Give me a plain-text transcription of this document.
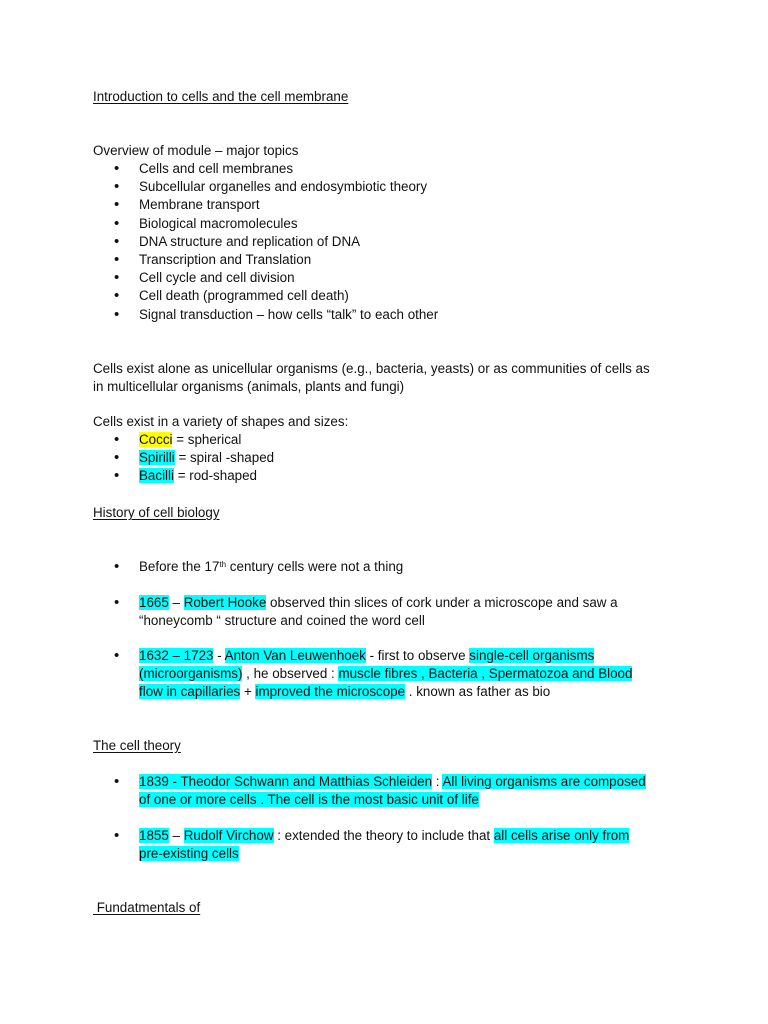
Introduction to cells and the cell membrane
Overview of module – major topics
• Cells and cell membranes
• Subcellular organelles and endosymbiotic theory
• Membrane transport
• Biological macromolecules
• DNA structure and replication of DNA
• Transcription and Translation
• Cell cycle and cell division
• Cell death (programmed cell death)
• Signal transduction – how cells “talk” to each other
Cells exist alone as unicellular organisms (e.g., bacteria, yeasts) or as communities of cells as
in multicellular organisms (animals, plants and fungi)
Cells exist in a variety of shapes and sizes:
• Cocci = spherical
• Spirilli = spiral -shaped
• Bacilli = rod-shaped
History of cell biology
• Before the 17th century cells were not a thing
• 1665 – Robert Hooke observed thin slices of cork under a microscope and saw a
“honeycomb “ structure and coined the word cell
• 1632 – 1723 - Anton Van Leuwenhoek - first to observe single-cell organisms
(microorganisms) , he observed : muscle fibres , Bacteria , Spermatozoa and Blood
flow in capillaries + improved the microscope . known as father as bio
The cell theory
• 1839 - Theodor Schwann and Matthias Schleiden : All living organisms are composed
of one or more cells . The cell is the most basic unit of life
• 1855 – Rudolf Virchow : extended the theory to include that all cells arise only from
pre-existing cells
Fundatmentals of
